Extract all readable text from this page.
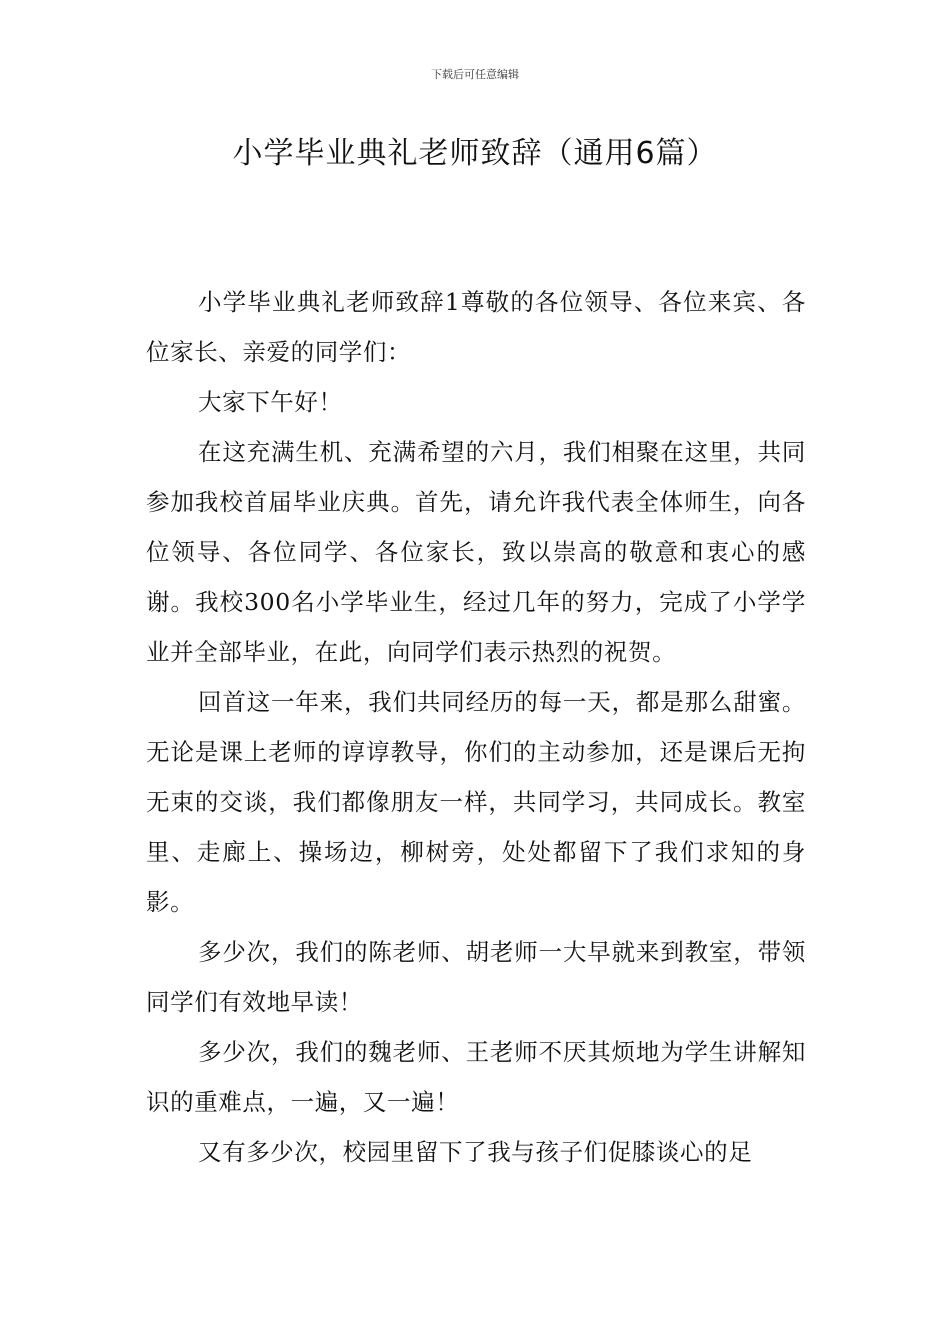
下载后可任意编辑
小学毕业典礼老师致辞（通用6篇）

小学毕业典礼老师致辞1尊敬的各位领导、各位来宾、各位家长、亲爱的同学们：

大家下午好！

在这充满生机、充满希望的六月，我们相聚在这里，共同参加我校首届毕业庆典。首先，请允许我代表全体师生，向各位领导、各位同学、各位家长，致以崇高的敬意和衷心的感谢。我校300名小学毕业生，经过几年的努力，完成了小学学业并全部毕业，在此，向同学们表示热烈的祝贺。

回首这一年来，我们共同经历的每一天，都是那么甜蜜。无论是课上老师的谆谆教导，你们的主动参加，还是课后无拘无束的交谈，我们都像朋友一样，共同学习，共同成长。教室里、走廊上、操场边，柳树旁，处处都留下了我们求知的身影。

多少次，我们的陈老师、胡老师一大早就来到教室，带领同学们有效地早读！

多少次，我们的魏老师、王老师不厌其烦地为学生讲解知识的重难点，一遍，又一遍！

又有多少次，校园里留下了我与孩子们促膝谈心的足
